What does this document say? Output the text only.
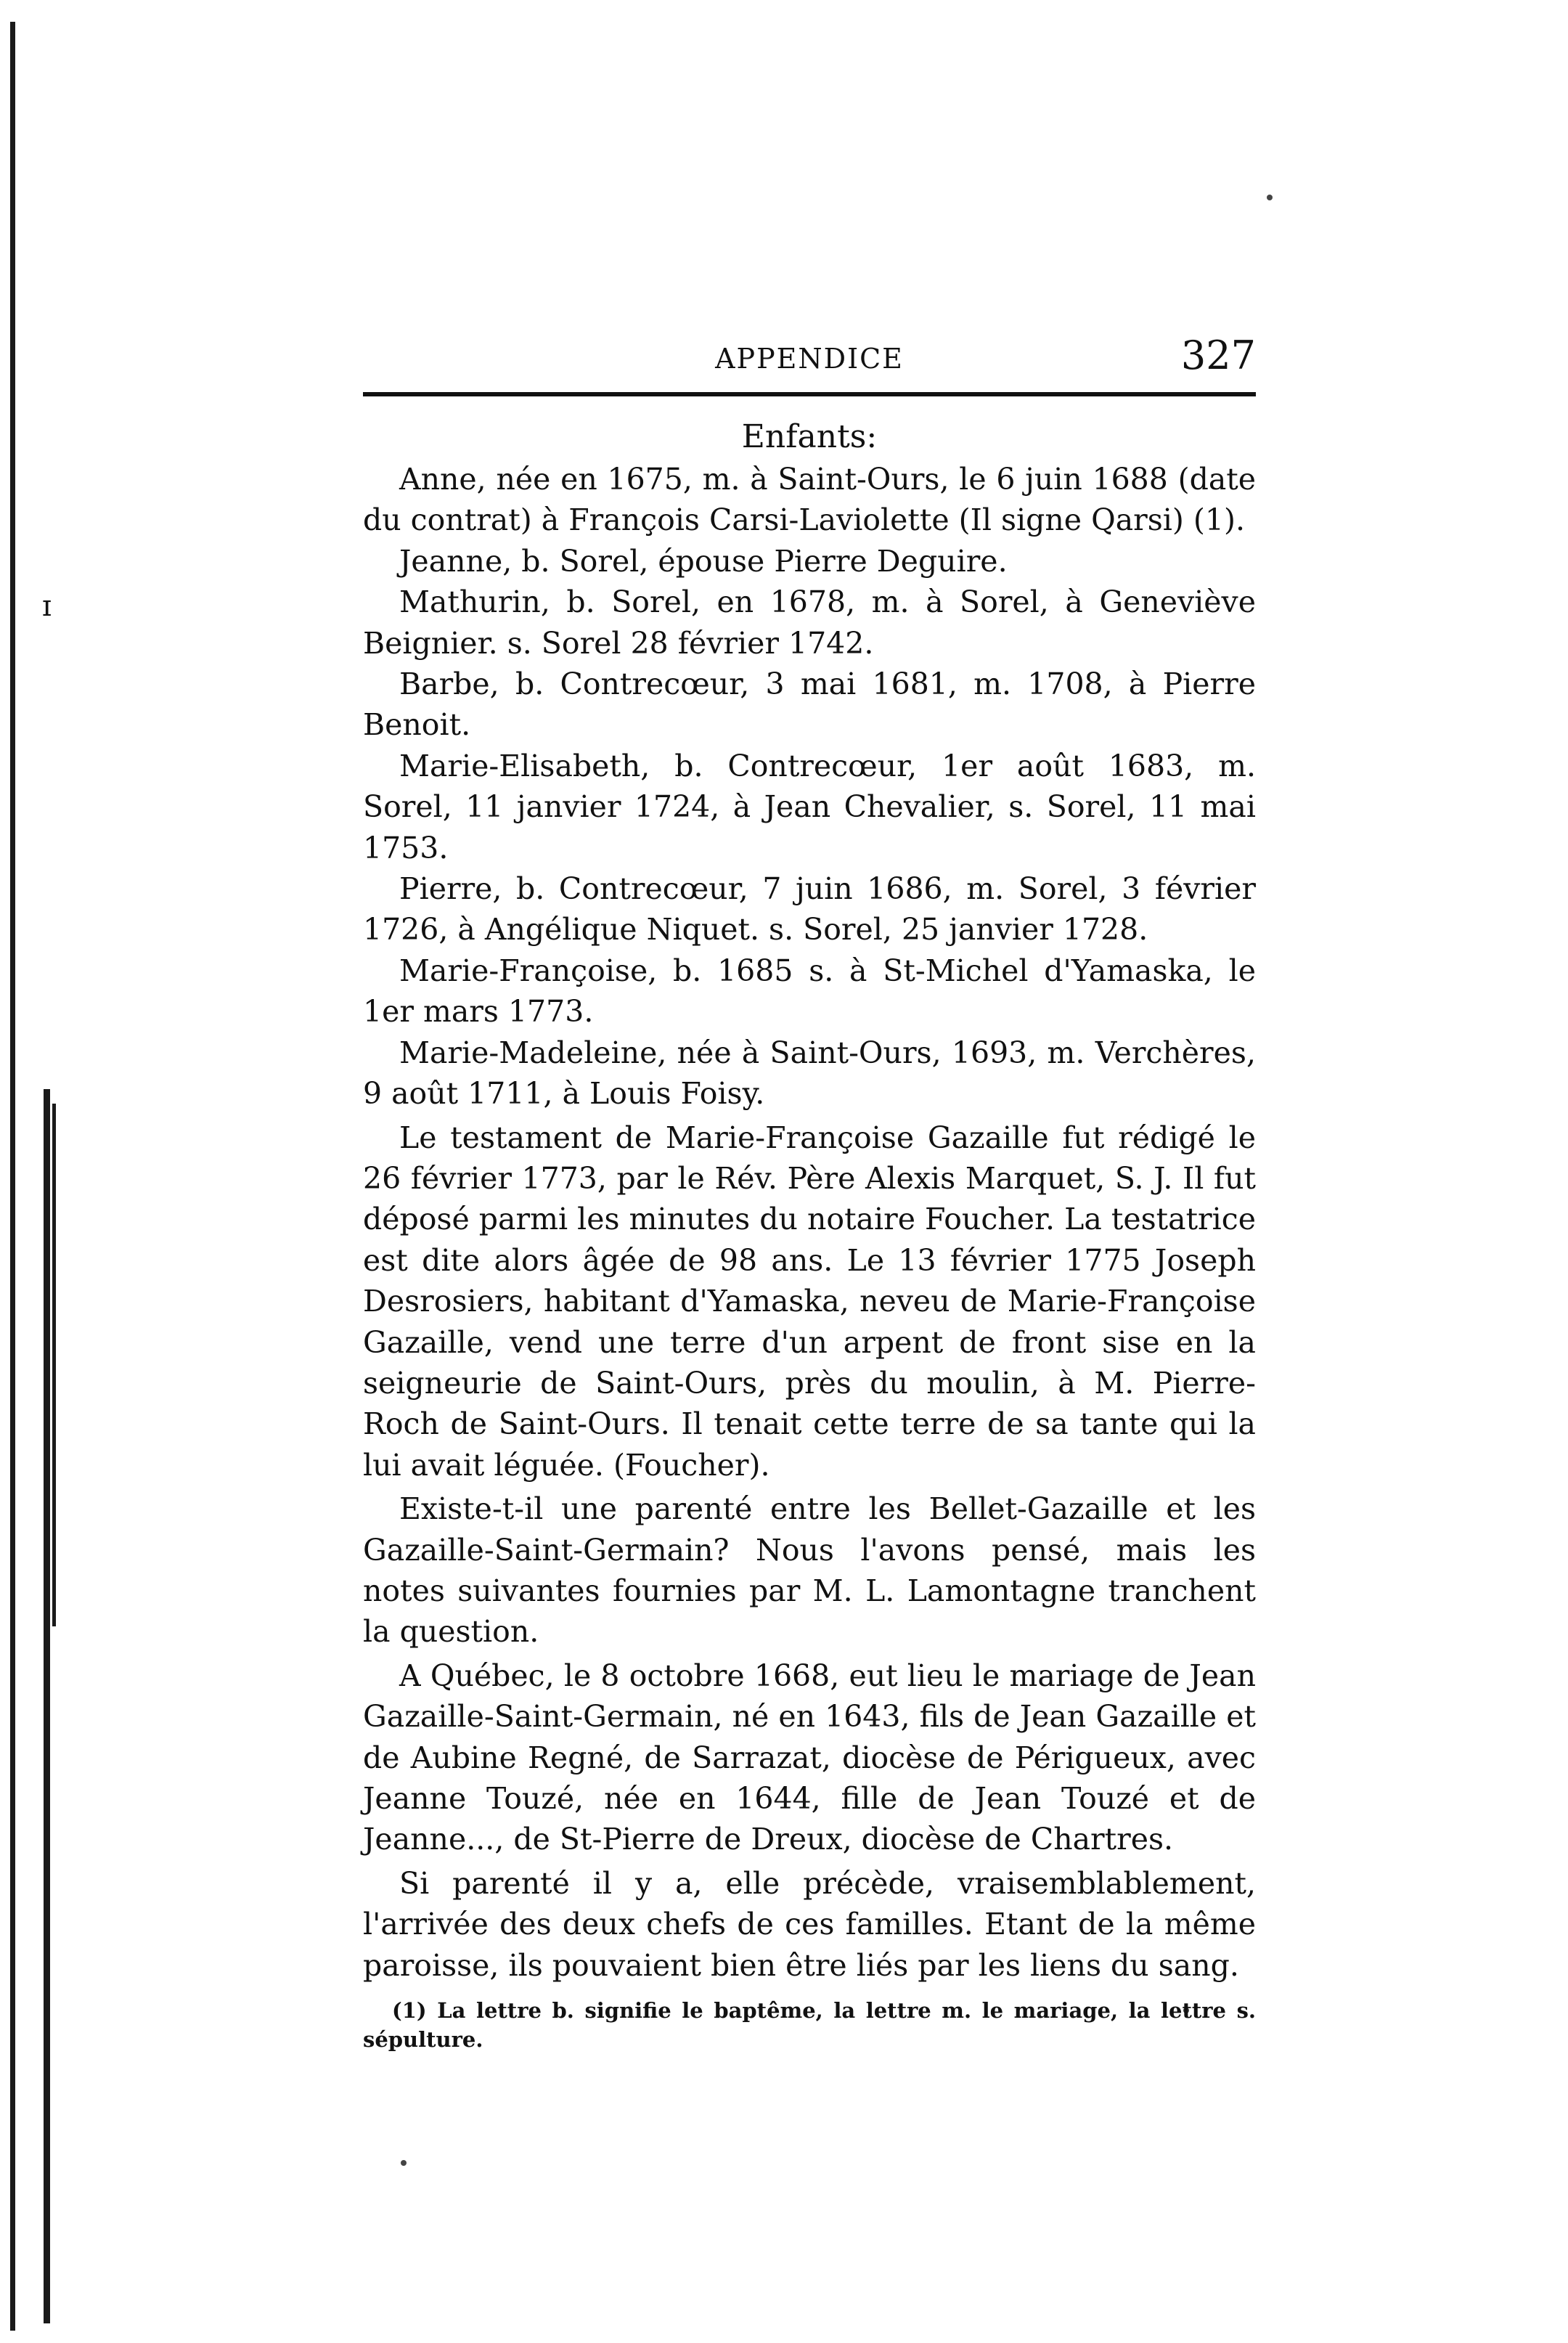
ɪ
APPENDICE	327
Enfants:

Anne, née en 1675, m. à Saint-Ours, le 6 juin 1688 (date du contrat) à François Carsi-Laviolette (Il signe Qarsi) (1).

Jeanne, b. Sorel, épouse Pierre Deguire.

Mathurin, b. Sorel, en 1678, m. à Sorel, à Geneviève Beignier. s. Sorel 28 février 1742.

Barbe, b. Contrecœur, 3 mai 1681, m. 1708, à Pierre Benoit.

Marie-Elisabeth, b. Contrecœur, 1er août 1683, m. Sorel, 11 janvier 1724, à Jean Chevalier, s. Sorel, 11 mai 1753.

Pierre, b. Contrecœur, 7 juin 1686, m. Sorel, 3 février 1726, à Angélique Niquet. s. Sorel, 25 janvier 1728.

Marie-Françoise, b. 1685 s. à St-Michel d'Yamaska, le 1er mars 1773.

Marie-Madeleine, née à Saint-Ours, 1693, m. Verchères, 9 août 1711, à Louis Foisy.

Le testament de Marie-Françoise Gazaille fut rédigé le 26 février 1773, par le Rév. Père Alexis Marquet, S. J. Il fut déposé parmi les minutes du notaire Foucher. La testatrice est dite alors âgée de 98 ans. Le 13 février 1775 Joseph Desrosiers, habitant d'Yamaska, neveu de Marie-Françoise Gazaille, vend une terre d'un arpent de front sise en la seigneurie de Saint-Ours, près du moulin, à M. Pierre-Roch de Saint-Ours. Il tenait cette terre de sa tante qui la lui avait léguée. (Foucher).

Existe-t-il une parenté entre les Bellet-Gazaille et les Gazaille-Saint-Germain? Nous l'avons pensé, mais les notes suivantes fournies par M. L. Lamontagne tranchent la question.

A Québec, le 8 octobre 1668, eut lieu le mariage de Jean Gazaille-Saint-Germain, né en 1643, fils de Jean Gazaille et de Aubine Regné, de Sarrazat, diocèse de Périgueux, avec Jeanne Touzé, née en 1644, fille de Jean Touzé et de Jeanne..., de St-Pierre de Dreux, diocèse de Chartres.

Si parenté il y a, elle précède, vraisemblablement, l'arrivée des deux chefs de ces familles. Etant de la même paroisse, ils pouvaient bien être liés par les liens du sang.

(1) La lettre b. signifie le baptême, la lettre m. le mariage, la lettre s. sépulture.
